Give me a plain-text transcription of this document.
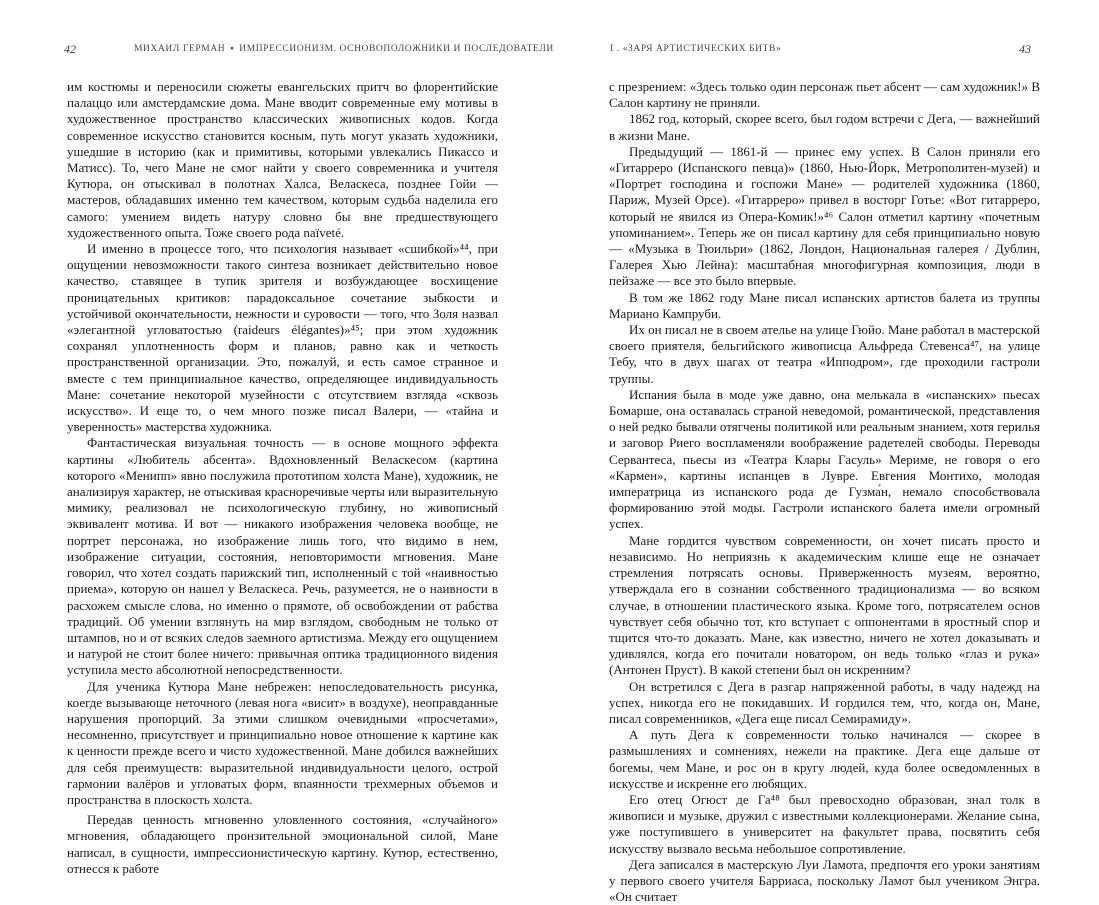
42	МИХАИЛ ГЕРМАН ▪ ИМПРЕССИОНИЗМ. ОСНОВОПОЛОЖНИКИ И ПОСЛЕДОВАТЕЛИ

им костюмы и переносили сюжеты евангельских притч во флорентийские палаццо или амстердамские дома. Мане вводит современные ему мотивы в художественное пространство классических живописных кодов. Когда современное искусство становится косным, путь могут указать художники, ушедшие в историю (как и примитивы, которыми увлекались Пикассо и Матисс). То, чего Мане не смог найти у своего современника и учителя Кутюра, он отыскивал в полотнах Халса, Веласкеса, позднее Гойи — мастеров, обладавших именно тем качеством, которым судьба наделила его самого: умением видеть натуру словно бы вне предшествующего художественного опыта. Тоже своего рода naïveté.

И именно в процессе того, что психология называет «сшибкой»⁴⁴, при ощущении невозможности такого синтеза возникает действительно новое качество, ставящее в тупик зрителя и возбуждающее восхищение проницательных критиков: парадоксальное сочетание зыбкости и устойчивой окончательности, нежности и суровости — того, что Золя назвал «элегантной угловатостью (raideurs élégantes)»⁴⁵; при этом художник сохранял уплотненность форм и планов, равно как и четкость пространственной организации. Это, пожалуй, и есть самое странное и вместе с тем принципиальное качество, определяющее индивидуальность Мане: сочетание некоторой музейности с отсутствием взгляда «сквозь искусство». И еще то, о чем много позже писал Валери, — «тайна и уверенность» мастерства художника.

Фантастическая визуальная точность — в основе мощного эффекта картины «Любитель абсента». Вдохновленный Веласкесом (картина которого «Менипп» явно послужила прототипом холста Мане), художник, не анализируя характер, не отыскивая красноречивые черты или выразительную мимику, реализовал не психологическую глубину, но живописный эквивалент мотива. И вот — никакого изображения человека вообще, не портрет персонажа, но изображение лишь того, что видимо в нем, изображение ситуации, состояния, неповторимости мгновения. Мане говорил, что хотел создать парижский тип, исполненный с той «наивностью приема», которую он нашел у Веласкеса. Речь, разумеется, не о наивности в расхожем смысле слова, но именно о прямоте, об освобождении от рабства традиций. Об умении взглянуть на мир взглядом, свободным не только от штампов, но и от всяких следов заемного артистизма. Между его ощущением и натурой не стоит более ничего: привычная оптика традиционного видения уступила место абсолютной непосредственности.

Для ученика Кутюра Мане небрежен: непоследовательность рисунка, коегде вызывающе неточного (левая нога «висит» в воздухе), неоправданные нарушения пропорций. За этими слишком очевидными «просчетами», несомненно, присутствует и принципиально новое отношение к картине как к ценности прежде всего и чисто художественной. Мане добился важнейших для себя преимуществ: выразительной индивидуальности целого, острой гармонии валёров и угловатых форм, впаянности трехмерных объемов и пространства в плоскость холста.

Передав ценность мгновенно уловленного состояния, «случайного» мгновения, обладающего пронзительной эмоциональной силой, Мане написал, в сущности, импрессионистическую картину. Кутюр, естественно, отнесся к работе

I . «ЗАРЯ АРТИСТИЧЕСКИХ БИТВ»	43

с презрением: «Здесь только один персонаж пьет абсент — сам художник!» В Салон картину не приняли.

1862 год, который, скорее всего, был годом встречи с Дега, — важнейший в жизни Мане.

Предыдущий — 1861-й — принес ему успех. В Салон приняли его «Гитарреро (Испанского певца)» (1860, Нью-Йорк, Метрополитен-музей) и «Портрет господина и госпожи Мане» — родителей художника (1860, Париж, Музей Орсе). «Гитарреро» привел в восторг Готье: «Вот гитарреро, который не явился из Опера-Комик!»⁴⁶ Салон отметил картину «почетным упоминанием». Теперь же он писал картину для себя принципиально новую — «Музыка в Тюильри» (1862, Лондон, Национальная галерея / Дублин, Галерея Хью Лейна): масштабная многофигурная композиция, люди в пейзаже — все это было впервые.

В том же 1862 году Мане писал испанских артистов балета из труппы Мариано Кампруби.

Их он писал не в своем ателье на улице Гюйо. Мане работал в мастерской своего приятеля, бельгийского живописца Альфреда Стевенса⁴⁷, на улице Тебу, что в двух шагах от театра «Ипподром», где проходили гастроли труппы.

Испания была в моде уже давно, она мелькала в «испанских» пьесах Бомарше, она оставалась страной неведомой, романтической, представления о ней редко бывали отягчены политикой или реальным знанием, хотя герилья и заговор Риего воспламеняли воображение радетелей свободы. Переводы Сервантеса, пьесы из «Театра Клары Гасуль» Мериме, не говоря о его «Кармен», картины испанцев в Лувре. Евгения Монтихо, молодая императрица из испанского рода де Гузма́н, немало способствовала формированию этой моды. Гастроли испанского балета имели огромный успех.

Мане гордится чувством современности, он хочет писать просто и независимо. Но неприязнь к академическим клише еще не означает стремления потрясать основы. Приверженность музеям, вероятно, утверждала его в сознании собственного традиционализма — во всяком случае, в отношении пластического языка. Кроме того, потрясателем основ чувствует себя обычно тот, кто вступает с оппонентами в яростный спор и тщится что-то доказать. Мане, как известно, ничего не хотел доказывать и удивлялся, когда его почитали новатором, он ведь только «глаз и рука» (Антонен Пруст). В какой степени был он искренним?

Он встретился с Дега в разгар напряженной работы, в чаду надежд на успех, никогда его не покидавших. И гордился тем, что, когда он, Мане, писал современников, «Дега еще писал Семирамиду».

А путь Дега к современности только начинался — скорее в размышлениях и сомнениях, нежели на практике. Дега еще дальше от богемы, чем Мане, и рос он в кругу людей, куда более осведомленных в искусстве и искренне его любящих.

Его отец Огюст де Га⁴⁸ был превосходно образован, знал толк в живописи и музыке, дружил с известными коллекционерами. Желание сына, уже поступившего в университет на факультет права, посвятить себя искусству вызвало весьма небольшое сопротивление.

Дега записался в мастерскую Луи Ламота, предпочтя его уроки занятиям у первого своего учителя Барриаса, поскольку Ламот был учеником Энгра. «Он считает
